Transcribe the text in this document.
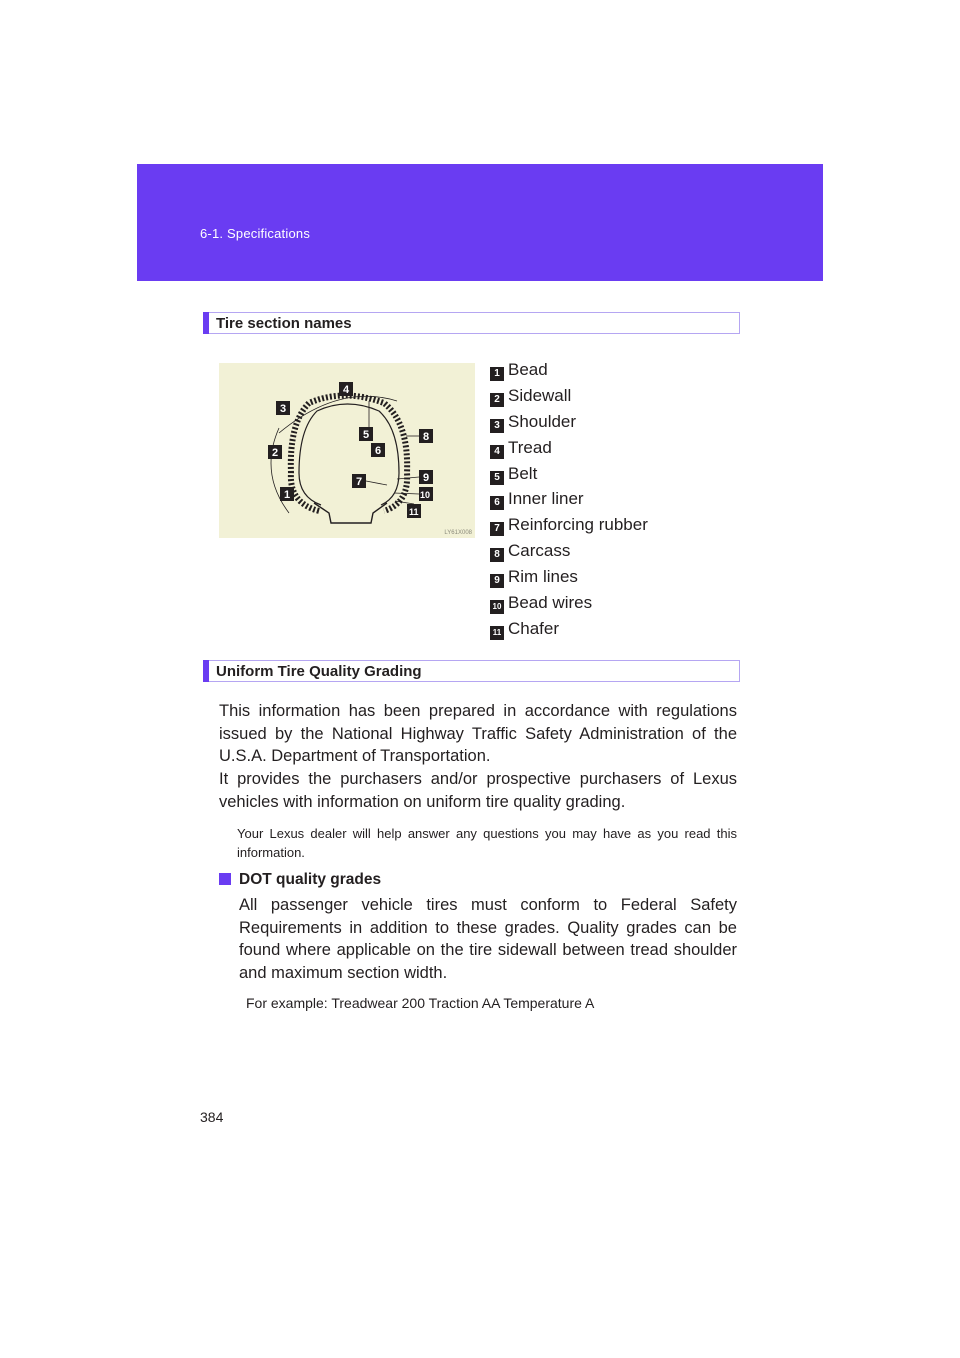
6-1. Specifications
Tire section names
1
2
3
4
5
6
8
7	9
10
11
LY61X008
1 Bead
2 Sidewall
3 Shoulder
4 Tread
5 Belt
6 Inner liner
7 Reinforcing rubber
8 Carcass
9 Rim lines
10 Bead wires
11 Chafer
Uniform Tire Quality Grading
This information has been prepared in accordance with regulations issued by the National Highway Traffic Safety Administration of the U.S.A. Department of Transportation.
It provides the purchasers and/or prospective purchasers of Lexus vehicles with information on uniform tire quality grading.
Your Lexus dealer will help answer any questions you may have as you read this information.
DOT quality grades
All passenger vehicle tires must conform to Federal Safety Requirements in addition to these grades. Quality grades can be found where applicable on the tire sidewall between tread shoulder and maximum section width.
For example: Treadwear 200 Traction AA Temperature A
384
